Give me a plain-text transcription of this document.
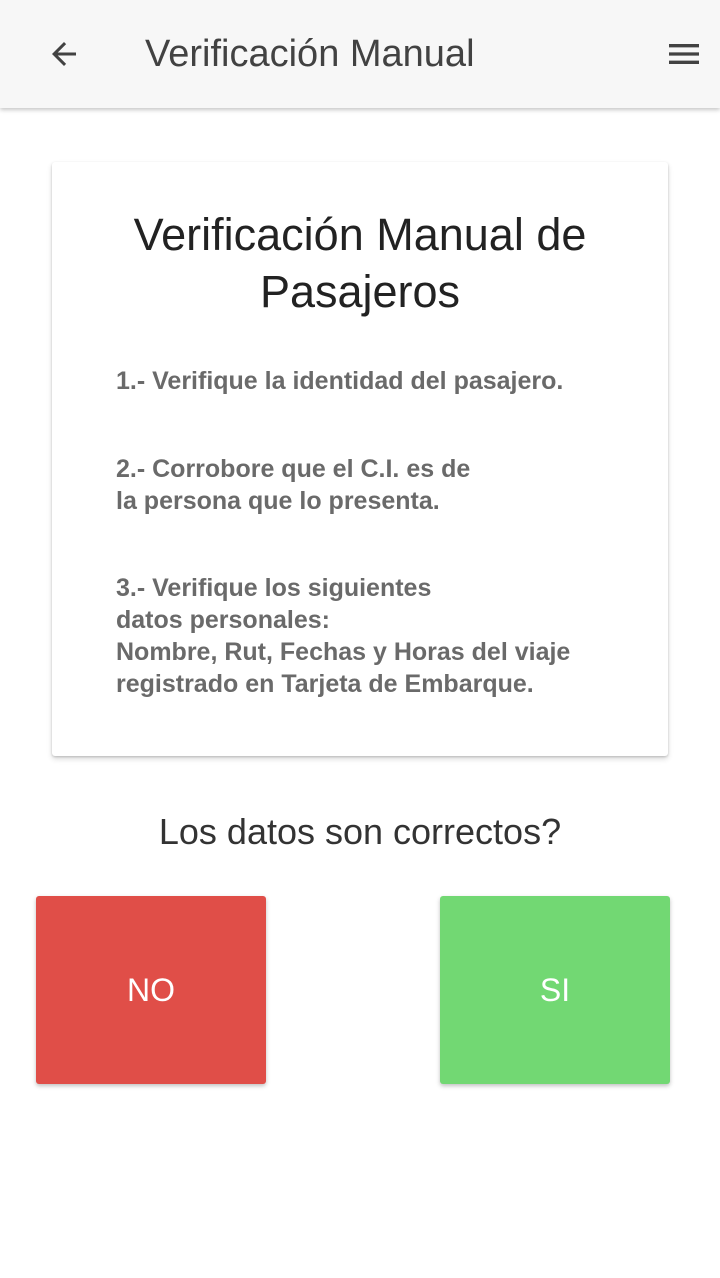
Verificación Manual
Verificación Manual de Pasajeros
1.- Verifique la identidad del pasajero.
2.- Corrobore que el C.I. es de
la persona que lo presenta.
3.- Verifique los siguientes
datos personales:
Nombre, Rut, Fechas y Horas del viaje
registrado en Tarjeta de Embarque.
Los datos son correctos?
NO	SI
